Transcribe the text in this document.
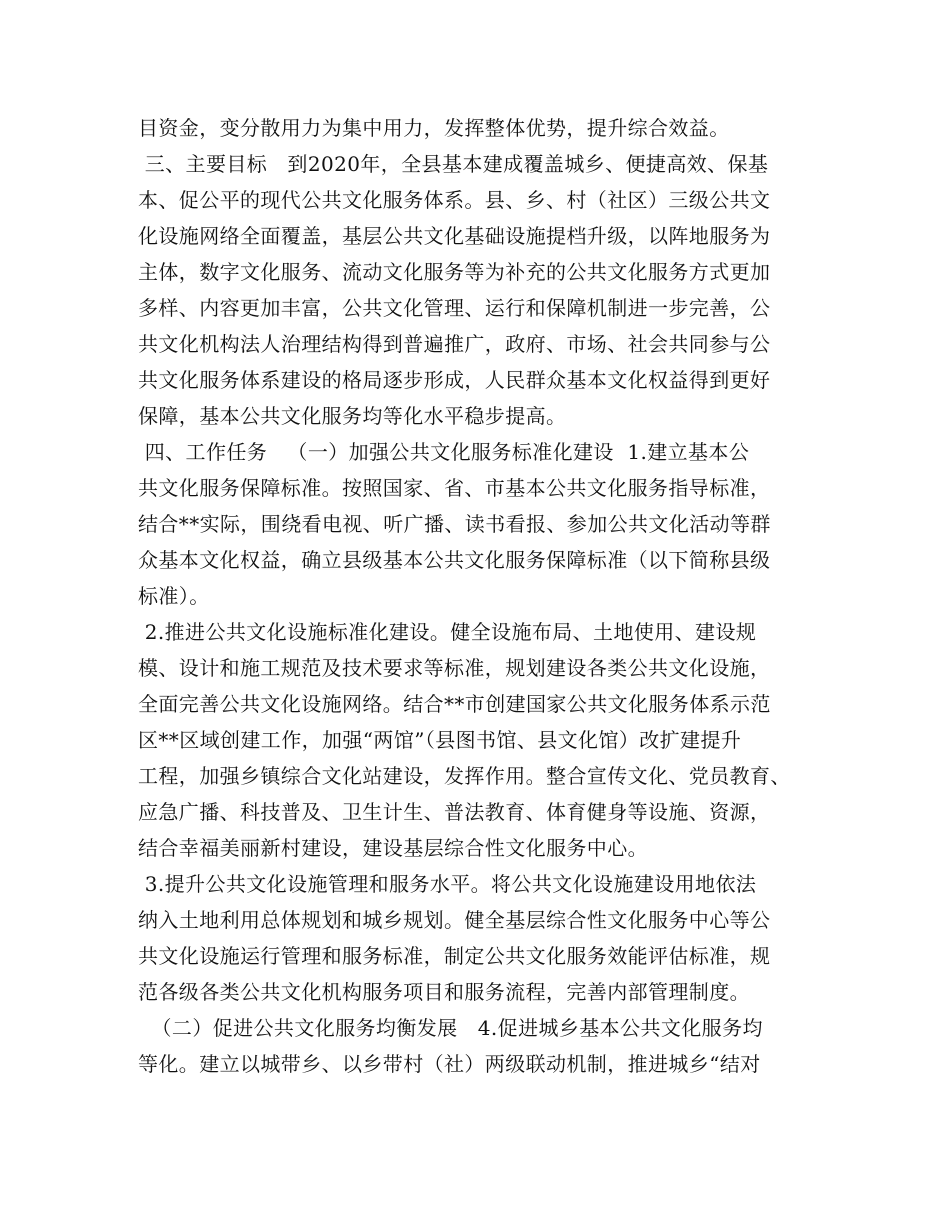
目资金，变分散用力为集中用力，发挥整体优势，提升综合效益。
三、主要目标   到2020年，全县基本建成覆盖城乡、便捷高效、保基
本、促公平的现代公共文化服务体系。县、乡、村（社区）三级公共文
化设施网络全面覆盖，基层公共文化基础设施提档升级，以阵地服务为
主体，数字文化服务、流动文化服务等为补充的公共文化服务方式更加
多样、内容更加丰富，公共文化管理、运行和保障机制进一步完善，公
共文化机构法人治理结构得到普遍推广，政府、市场、社会共同参与公
共文化服务体系建设的格局逐步形成，人民群众基本文化权益得到更好
保障，基本公共文化服务均等化水平稳步提高。
四、工作任务   （一）加强公共文化服务标准化建设  1.建立基本公
共文化服务保障标准。按照国家、省、市基本公共文化服务指导标准，
结合**实际，围绕看电视、听广播、读书看报、参加公共文化活动等群
众基本文化权益，确立县级基本公共文化服务保障标准（以下简称县级
标准）。
2.推进公共文化设施标准化建设。健全设施布局、土地使用、建设规
模、设计和施工规范及技术要求等标准，规划建设各类公共文化设施，
全面完善公共文化设施网络。结合**市创建国家公共文化服务体系示范
区**区域创建工作，加强“两馆”（县图书馆、县文化馆）改扩建提升
工程，加强乡镇综合文化站建设，发挥作用。整合宣传文化、党员教育、
应急广播、科技普及、卫生计生、普法教育、体育健身等设施、资源，
结合幸福美丽新村建设，建设基层综合性文化服务中心。
3.提升公共文化设施管理和服务水平。将公共文化设施建设用地依法
纳入土地利用总体规划和城乡规划。健全基层综合性文化服务中心等公
共文化设施运行管理和服务标准，制定公共文化服务效能评估标准，规
范各级各类公共文化机构服务项目和服务流程，完善内部管理制度。
（二）促进公共文化服务均衡发展   4.促进城乡基本公共文化服务均
等化。建立以城带乡、以乡带村（社）两级联动机制，推进城乡“结对
